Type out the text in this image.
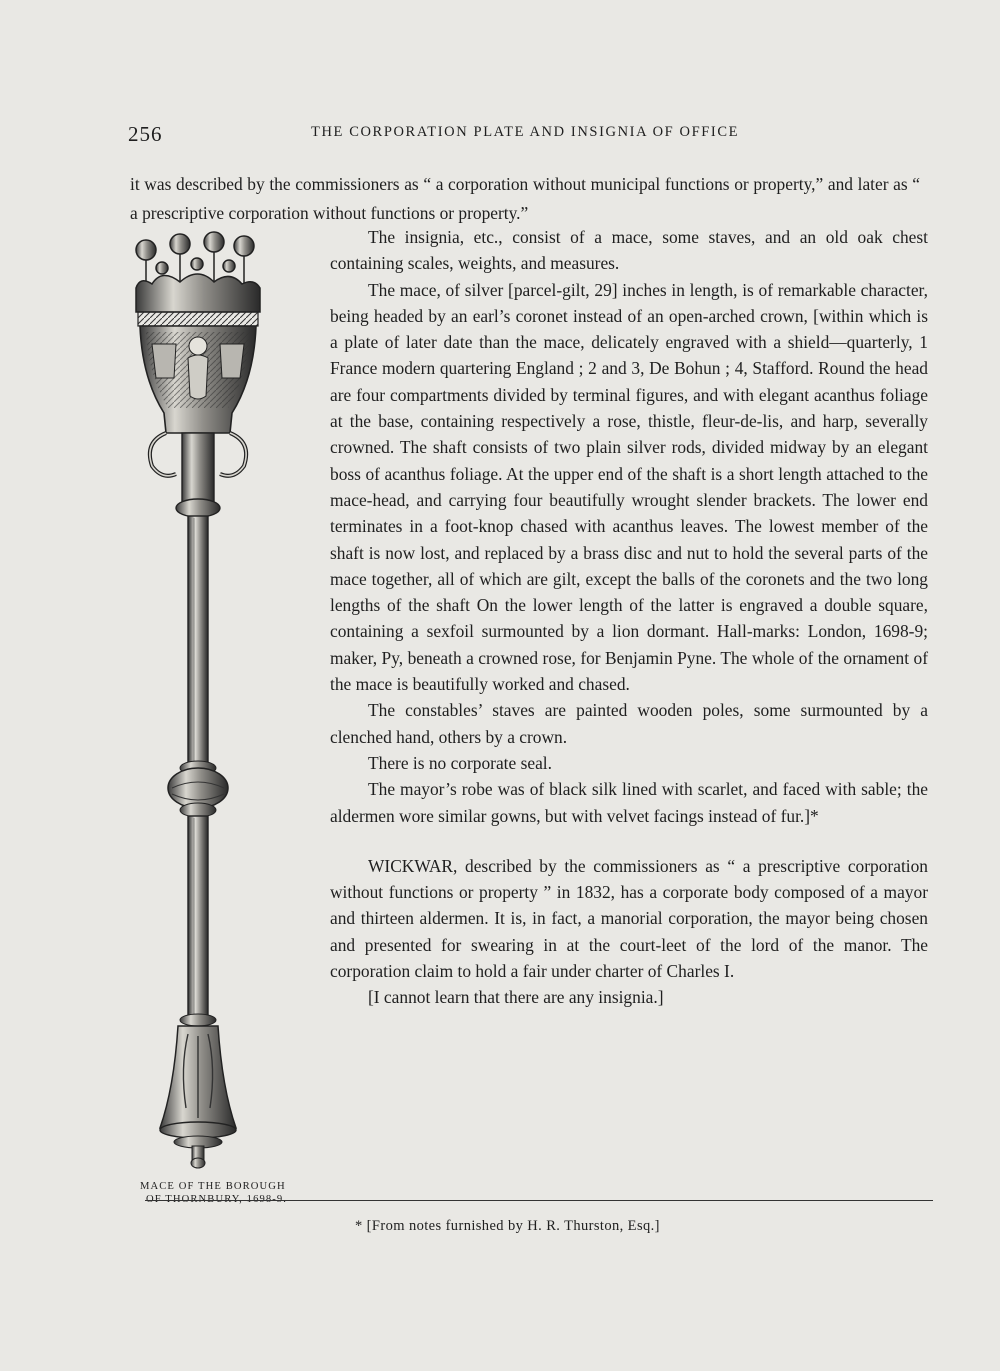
256	THE CORPORATION PLATE AND INSIGNIA OF OFFICE

it was described by the commissioners as “ a corporation without municipal functions or property,” and later as “ a prescriptive corporation without functions or property.”

The insignia, etc., consist of a mace, some staves, and an old oak chest containing scales, weights, and measures.

The mace, of silver [parcel-gilt, 29] inches in length, is of remarkable character, being headed by an earl’s coronet instead of an open-arched crown, [within which is a plate of later date than the mace, delicately engraved with a shield—quarterly, 1 France modern quartering England ; 2 and 3, De Bohun ; 4, Stafford. Round the head are four compartments divided by terminal figures, and with elegant acanthus foliage at the base, containing respectively a rose, thistle, fleur-de-lis, and harp, severally crowned. The shaft consists of two plain silver rods, divided midway by an elegant boss of acanthus foliage. At the upper end of the shaft is a short length attached to the mace-head, and carrying four beautifully wrought slender brackets. The lower end terminates in a foot-knop chased with acanthus leaves. The lowest member of the shaft is now lost, and replaced by a brass disc and nut to hold the several parts of the mace together, all of which are gilt, except the balls of the coronets and the two long lengths of the shaft On the lower length of the latter is engraved a double square, containing a sexfoil surmounted by a lion dormant. Hall-marks: London, 1698-9; maker, Py, beneath a crowned rose, for Benjamin Pyne. The whole of the ornament of the mace is beautifully worked and chased.

The constables’ staves are painted wooden poles, some surmounted by a clenched hand, others by a crown.

There is no corporate seal.

The mayor’s robe was of black silk lined with scarlet, and faced with sable; the aldermen wore similar gowns, but with velvet facings instead of fur.]*

WICKWAR, described by the commissioners as “ a prescriptive corporation without functions or property ” in 1832, has a corporate body composed of a mayor and thirteen aldermen. It is, in fact, a manorial corporation, the mayor being chosen and presented for swearing in at the court-leet of the lord of the manor. The corporation claim to hold a fair under charter of Charles I.

[I cannot learn that there are any insignia.]

MACE OF THE BOROUGH
OF THORNBURY, 1698-9.
* [From notes furnished by H. R. Thurston, Esq.]
